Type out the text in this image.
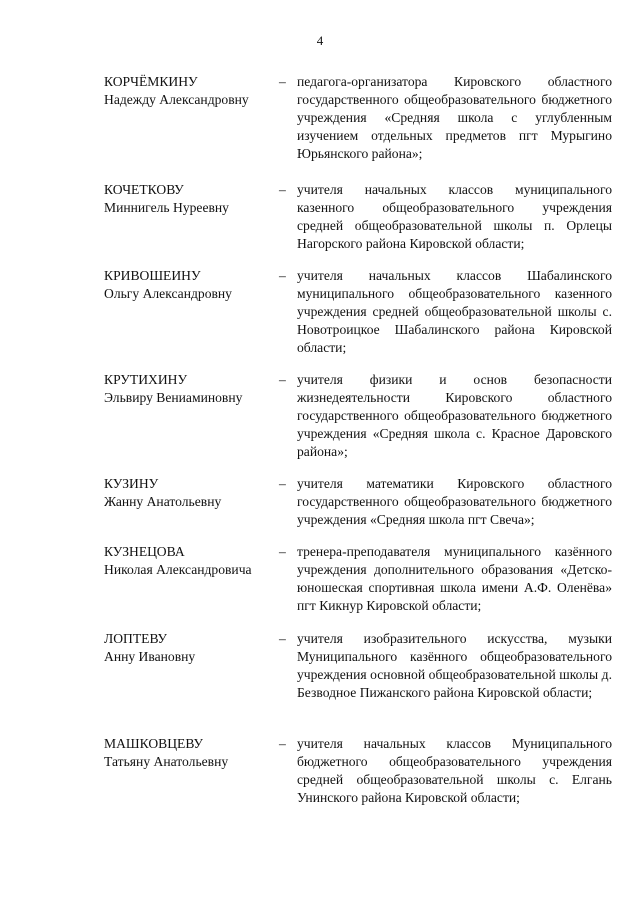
4
КОРЧЁМКИНУ
Надежду Александровну
– педагога-организатора Кировского областного государственного общеобразовательного бюджетного учреждения «Средняя школа с углубленным изучением отдельных предметов пгт Мурыгино Юрьянского района»;
КОЧЕТКОВУ
Миннигель Нуреевну
– учителя начальных классов муниципального казенного общеобразовательного учреждения средней общеобразовательной школы п. Орлецы Нагорского района Кировской области;
КРИВОШЕИНУ
Ольгу Александровну
– учителя начальных классов Шабалинского муниципального общеобразовательного казенного учреждения средней общеобразовательной школы с. Новотроицкое Шабалинского района Кировской области;
КРУТИХИНУ
Эльвиру Вениаминовну
– учителя физики и основ безопасности жизнедеятельности Кировского областного государственного общеобразовательного бюджетного учреждения «Средняя школа с. Красное Даровского района»;
КУЗИНУ
Жанну Анатольевну
– учителя математики Кировского областного государственного общеобразовательного бюджетного учреждения «Средняя школа пгт Свеча»;
КУЗНЕЦОВА
Николая Александровича
– тренера-преподавателя муниципального казённого учреждения дополнительного образования «Детско-юношеская спортивная школа имени А.Ф. Оленёва» пгт Кикнур Кировской области;
ЛОПТЕВУ
Анну Ивановну
– учителя изобразительного искусства, музыки Муниципального казённого общеобразовательного учреждения основной общеобразовательной школы д. Безводное Пижанского района Кировской области;
МАШКОВЦЕВУ
Татьяну Анатольевну
– учителя начальных классов Муниципального бюджетного общеобразовательного учреждения средней общеобразовательной школы с. Елгань Унинского района Кировской области;
